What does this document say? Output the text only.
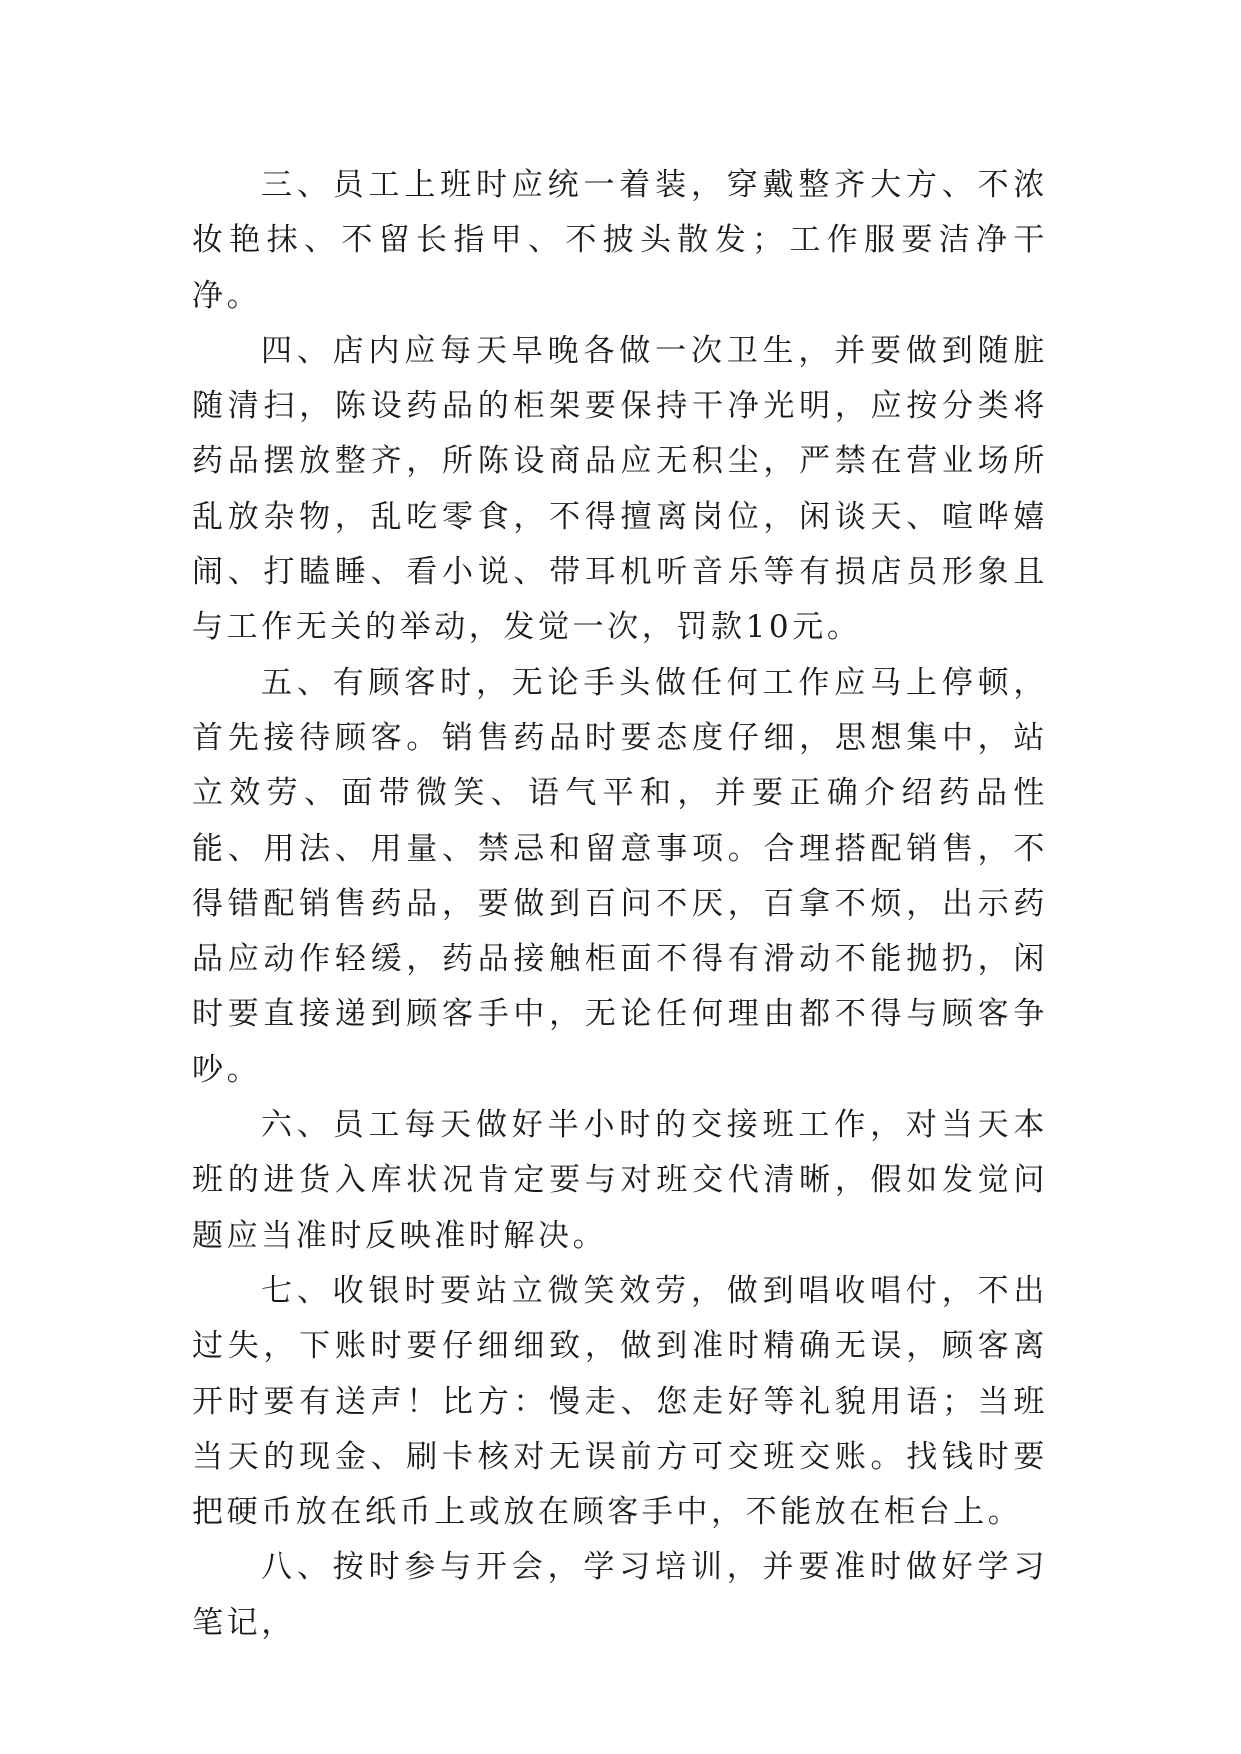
三、员工上班时应统一着装，穿戴整齐大方、不浓妆艳抹、不留长指甲、不披头散发；工作服要洁净干净。

四、店内应每天早晚各做一次卫生，并要做到随脏随清扫，陈设药品的柜架要保持干净光明，应按分类将药品摆放整齐，所陈设商品应无积尘，严禁在营业场所乱放杂物，乱吃零食，不得擅离岗位，闲谈天、喧哗嬉闹、打瞌睡、看小说、带耳机听音乐等有损店员形象且与工作无关的举动，发觉一次，罚款10元。

五、有顾客时，无论手头做任何工作应马上停顿，首先接待顾客。销售药品时要态度仔细，思想集中，站立效劳、面带微笑、语气平和，并要正确介绍药品性能、用法、用量、禁忌和留意事项。合理搭配销售，不得错配销售药品，要做到百问不厌，百拿不烦，出示药品应动作轻缓，药品接触柜面不得有滑动不能抛扔，闲时要直接递到顾客手中，无论任何理由都不得与顾客争吵。

六、员工每天做好半小时的交接班工作，对当天本班的进货入库状况肯定要与对班交代清晰，假如发觉问题应当准时反映准时解决。

七、收银时要站立微笑效劳，做到唱收唱付，不出过失，下账时要仔细细致，做到准时精确无误，顾客离开时要有送声！比方：慢走、您走好等礼貌用语；当班当天的现金、刷卡核对无误前方可交班交账。找钱时要把硬币放在纸币上或放在顾客手中，不能放在柜台上。

八、按时参与开会，学习培训，并要准时做好学习笔记，
